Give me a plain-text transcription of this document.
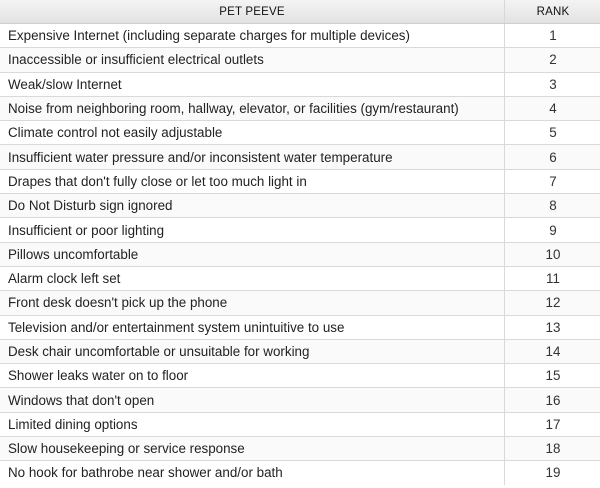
PET PEEVE	RANK
Expensive Internet (including separate charges for multiple devices)	1
Inaccessible or insufficient electrical outlets	2
Weak/slow Internet	3
Noise from neighboring room, hallway, elevator, or facilities (gym/restaurant)	4
Climate control not easily adjustable	5
Insufficient water pressure and/or inconsistent water temperature	6
Drapes that don't fully close or let too much light in	7
Do Not Disturb sign ignored	8
Insufficient or poor lighting	9
Pillows uncomfortable	10
Alarm clock left set	11
Front desk doesn't pick up the phone	12
Television and/or entertainment system unintuitive to use	13
Desk chair uncomfortable or unsuitable for working	14
Shower leaks water on to floor	15
Windows that don't open	16
Limited dining options	17
Slow housekeeping or service response	18
No hook for bathrobe near shower and/or bath	19
